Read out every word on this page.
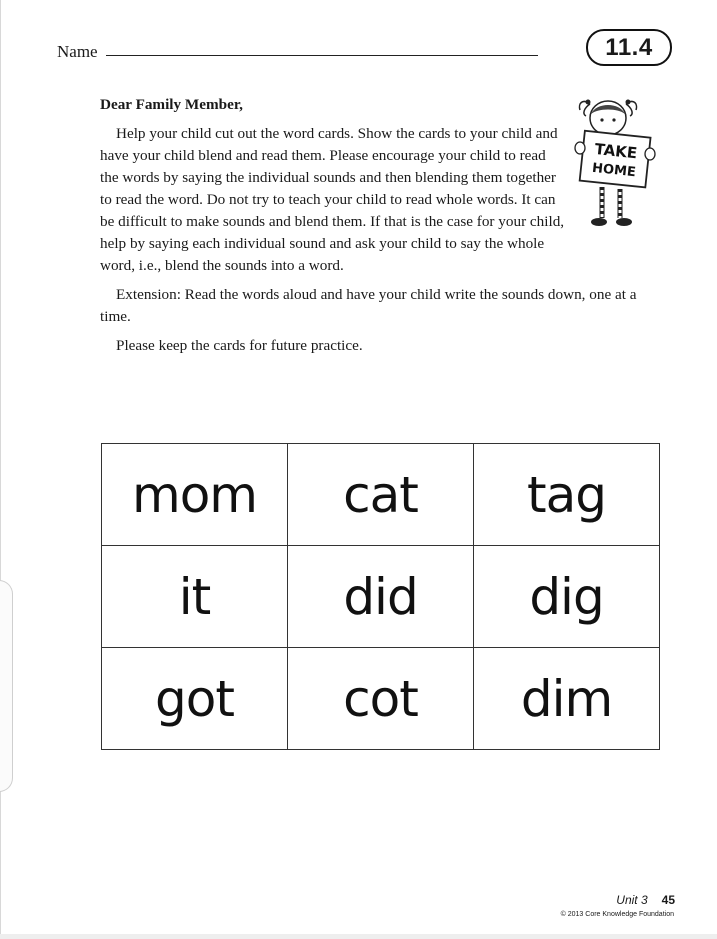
Name	11.4

Dear Family Member,

Help your child cut out the word cards. Show the cards to your child and have your child blend and read them. Please encourage your child to read the words by saying the individual sounds and then blending them together to read the word. Do not try to teach your child to read whole words. It can be difficult to make sounds and blend them. If that is the case for your child, help by saying each individual sound and ask your child to say the whole word, i.e., blend the sounds into a word.

Extension: Read the words aloud and have your child write the sounds down, one at a time.

Please keep the cards for future practice.

TAKE
HOME
mom	cat	tag
it	did	dig
got	cot	dim
Unit 3 45
© 2013 Core Knowledge Foundation
